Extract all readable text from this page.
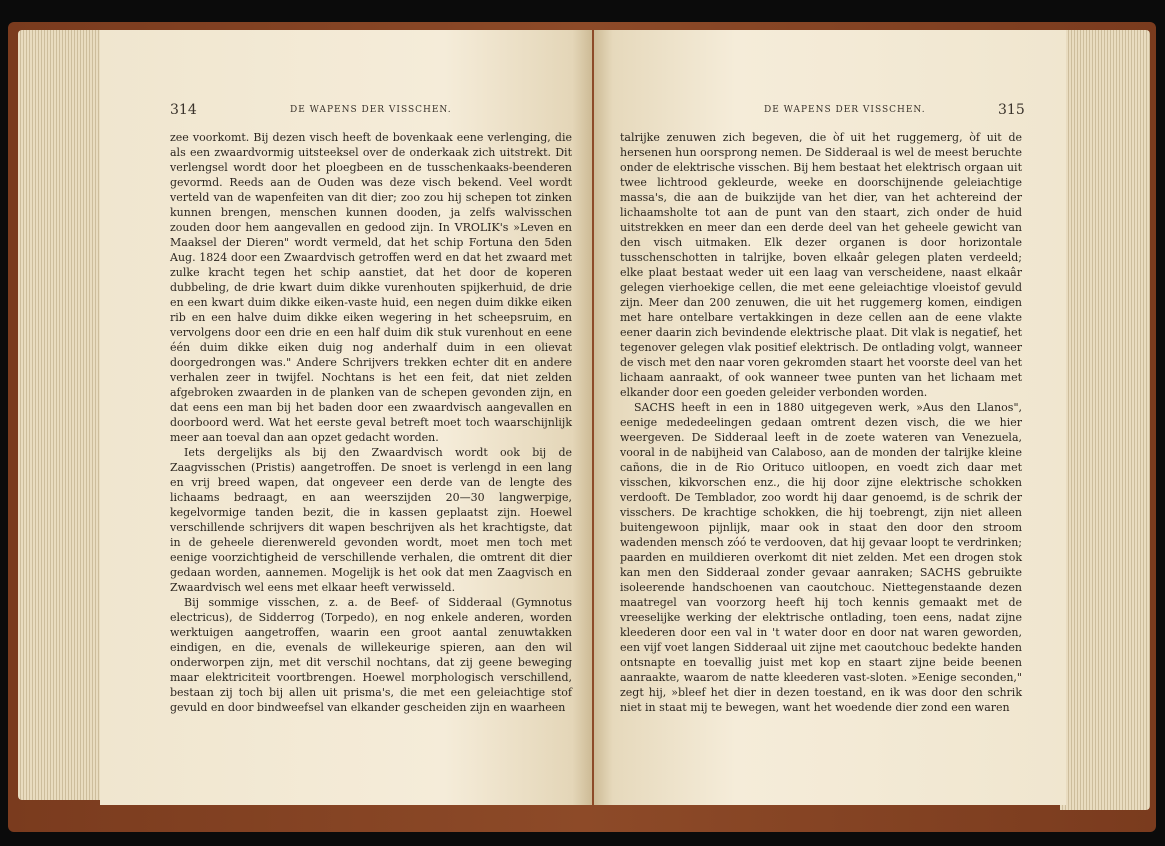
314	DE WAPENS DER VISSCHEN.

zee voorkomt. Bij dezen visch heeft de bovenkaak eene verlenging, die als een zwaardvormig uitsteeksel over de onderkaak zich uitstrekt. Dit verlengsel wordt door het ploegbeen en de tusschenkaaks-beenderen gevormd. Reeds aan de Ouden was deze visch bekend. Veel wordt verteld van de wapenfeiten van dit dier; zoo zou hij schepen tot zinken kunnen brengen, menschen kunnen dooden, ja zelfs walvisschen zouden door hem aangevallen en gedood zijn. In VROLIK's »Leven en Maaksel der Dieren" wordt vermeld, dat het schip Fortuna den 5den Aug. 1824 door een Zwaardvisch getroffen werd en dat het zwaard met zulke kracht tegen het schip aanstiet, dat het door de koperen dubbeling, de drie kwart duim dikke vurenhouten spijkerhuid, de drie en een kwart duim dikke eiken-vaste huid, een negen duim dikke eiken rib en een halve duim dikke eiken wegering in het scheepsruim, en vervolgens door een drie en een half duim dik stuk vurenhout en eene één duim dikke eiken duig nog anderhalf duim in een olievat doorgedrongen was." Andere Schrijvers trekken echter dit en andere verhalen zeer in twijfel. Nochtans is het een feit, dat niet zelden afgebroken zwaarden in de planken van de schepen gevonden zijn, en dat eens een man bij het baden door een zwaardvisch aangevallen en doorboord werd. Wat het eerste geval betreft moet toch waarschijnlijk meer aan toeval dan aan opzet gedacht worden.

Iets dergelijks als bij den Zwaardvisch wordt ook bij de Zaagvisschen (Pristis) aangetroffen. De snoet is verlengd in een lang en vrij breed wapen, dat ongeveer een derde van de lengte des lichaams bedraagt, en aan weerszijden 20—30 langwerpige, kegelvormige tanden bezit, die in kassen geplaatst zijn. Hoewel verschillende schrijvers dit wapen beschrijven als het krachtigste, dat in de geheele dierenwereld gevonden wordt, moet men toch met eenige voorzichtigheid de verschillende verhalen, die omtrent dit dier gedaan worden, aannemen. Mogelijk is het ook dat men Zaagvisch en Zwaardvisch wel eens met elkaar heeft verwisseld.

Bij sommige visschen, z. a. de Beef- of Sidderaal (Gymnotus electricus), de Sidderrog (Torpedo), en nog enkele anderen, worden werktuigen aangetroffen, waarin een groot aantal zenuwtakken eindigen, en die, evenals de willekeurige spieren, aan den wil onderworpen zijn, met dit verschil nochtans, dat zij geene beweging maar elektriciteit voortbrengen. Hoewel morphologisch verschillend, bestaan zij toch bij allen uit prisma's, die met een geleiachtige stof gevuld en door bindweefsel van elkander gescheiden zijn en waarheen

DE WAPENS DER VISSCHEN.	315

talrijke zenuwen zich begeven, die òf uit het ruggemerg, òf uit de hersenen hun oorsprong nemen. De Sidderaal is wel de meest beruchte onder de elektrische visschen. Bij hem bestaat het elektrisch orgaan uit twee lichtrood gekleurde, weeke en doorschijnende geleiachtige massa's, die aan de buikzijde van het dier, van het achtereind der lichaamsholte tot aan de punt van den staart, zich onder de huid uitstrekken en meer dan een derde deel van het geheele gewicht van den visch uitmaken. Elk dezer organen is door horizontale tusschenschotten in talrijke, boven elkaâr gelegen platen verdeeld; elke plaat bestaat weder uit een laag van verscheidene, naast elkaâr gelegen vierhoekige cellen, die met eene geleiachtige vloeistof gevuld zijn. Meer dan 200 zenuwen, die uit het ruggemerg komen, eindigen met hare ontelbare vertakkingen in deze cellen aan de eene vlakte eener daarin zich bevindende elektrische plaat. Dit vlak is negatief, het tegenover gelegen vlak positief elektrisch. De ontlading volgt, wanneer de visch met den naar voren gekromden staart het voorste deel van het lichaam aanraakt, of ook wanneer twee punten van het lichaam met elkander door een goeden geleider verbonden worden.

SACHS heeft in een in 1880 uitgegeven werk, »Aus den Llanos", eenige mededeelingen gedaan omtrent dezen visch, die we hier weergeven. De Sidderaal leeft in de zoete wateren van Venezuela, vooral in de nabijheid van Calaboso, aan de monden der talrijke kleine cañons, die in de Rio Orituco uitloopen, en voedt zich daar met visschen, kikvorschen enz., die hij door zijne elektrische schokken verdooft. De Temblador, zoo wordt hij daar genoemd, is de schrik der visschers. De krachtige schokken, die hij toebrengt, zijn niet alleen buitengewoon pijnlijk, maar ook in staat den door den stroom wadenden mensch zóó te verdooven, dat hij gevaar loopt te verdrinken; paarden en muildieren overkomt dit niet zelden. Met een drogen stok kan men den Sidderaal zonder gevaar aanraken; SACHS gebruikte isoleerende handschoenen van caoutchouc. Niettegenstaande dezen maatregel van voorzorg heeft hij toch kennis gemaakt met de vreeselijke werking der elektrische ontlading, toen eens, nadat zijne kleederen door een val in 't water door en door nat waren geworden, een vijf voet langen Sidderaal uit zijne met caoutchouc bedekte handen ontsnapte en toevallig juist met kop en staart zijne beide beenen aanraakte, waarom de natte kleederen vast-sloten. »Eenige seconden," zegt hij, »bleef het dier in dezen toestand, en ik was door den schrik niet in staat mij te bewegen, want het woedende dier zond een waren
